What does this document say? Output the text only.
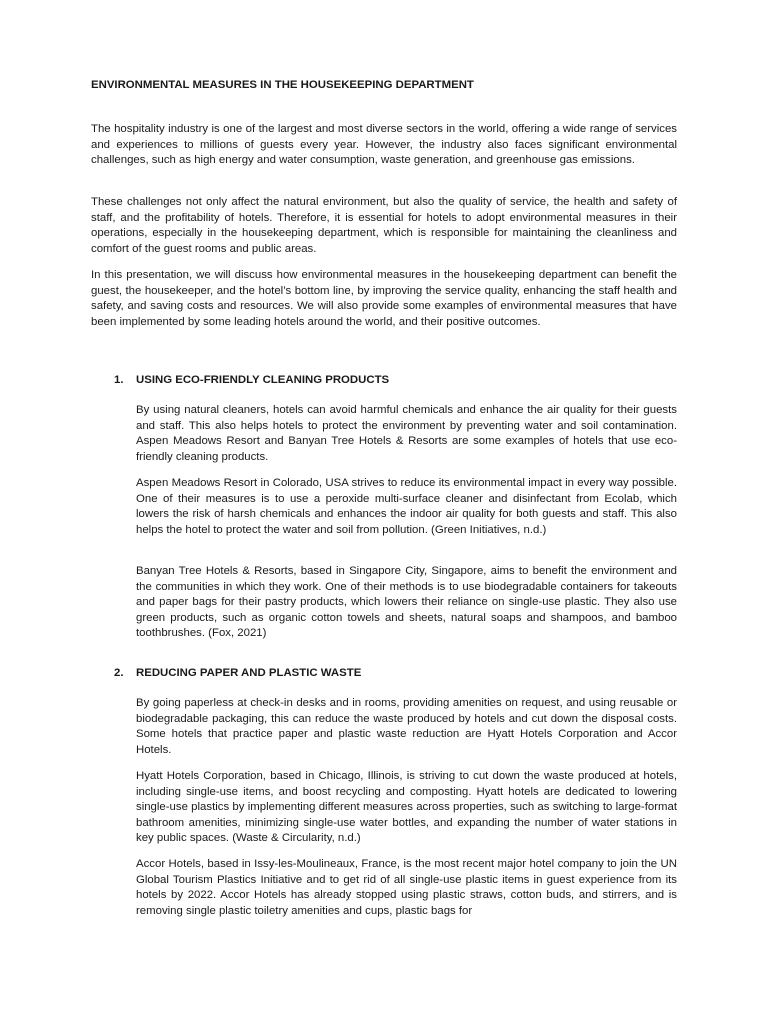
ENVIRONMENTAL MEASURES IN THE HOUSEKEEPING DEPARTMENT

The hospitality industry is one of the largest and most diverse sectors in the world, offering a wide range of services and experiences to millions of guests every year. However, the industry also faces significant environmental challenges, such as high energy and water consumption, waste generation, and greenhouse gas emissions.

These challenges not only affect the natural environment, but also the quality of service, the health and safety of staff, and the profitability of hotels. Therefore, it is essential for hotels to adopt environmental measures in their operations, especially in the housekeeping department, which is responsible for maintaining the cleanliness and comfort of the guest rooms and public areas.

In this presentation, we will discuss how environmental measures in the housekeeping department can benefit the guest, the housekeeper, and the hotel’s bottom line, by improving the service quality, enhancing the staff health and safety, and saving costs and resources. We will also provide some examples of environmental measures that have been implemented by some leading hotels around the world, and their positive outcomes.

1. USING ECO-FRIENDLY CLEANING PRODUCTS

By using natural cleaners, hotels can avoid harmful chemicals and enhance the air quality for their guests and staff. This also helps hotels to protect the environment by preventing water and soil contamination. Aspen Meadows Resort and Banyan Tree Hotels & Resorts are some examples of hotels that use eco-friendly cleaning products.

Aspen Meadows Resort in Colorado, USA strives to reduce its environmental impact in every way possible. One of their measures is to use a peroxide multi-surface cleaner and disinfectant from Ecolab, which lowers the risk of harsh chemicals and enhances the indoor air quality for both guests and staff. This also helps the hotel to protect the water and soil from pollution. (Green Initiatives, n.d.)

Banyan Tree Hotels & Resorts, based in Singapore City, Singapore, aims to benefit the environment and the communities in which they work. One of their methods is to use biodegradable containers for takeouts and paper bags for their pastry products, which lowers their reliance on single-use plastic. They also use green products, such as organic cotton towels and sheets, natural soaps and shampoos, and bamboo toothbrushes. (Fox, 2021)

2. REDUCING PAPER AND PLASTIC WASTE

By going paperless at check-in desks and in rooms, providing amenities on request, and using reusable or biodegradable packaging, this can reduce the waste produced by hotels and cut down the disposal costs. Some hotels that practice paper and plastic waste reduction are Hyatt Hotels Corporation and Accor Hotels.

Hyatt Hotels Corporation, based in Chicago, Illinois, is striving to cut down the waste produced at hotels, including single-use items, and boost recycling and composting. Hyatt hotels are dedicated to lowering single-use plastics by implementing different measures across properties, such as switching to large-format bathroom amenities, minimizing single-use water bottles, and expanding the number of water stations in key public spaces. (Waste & Circularity, n.d.)

Accor Hotels, based in Issy-les-Moulineaux, France, is the most recent major hotel company to join the UN Global Tourism Plastics Initiative and to get rid of all single-use plastic items in guest experience from its hotels by 2022. Accor Hotels has already stopped using plastic straws, cotton buds, and stirrers, and is removing single plastic toiletry amenities and cups, plastic bags for
